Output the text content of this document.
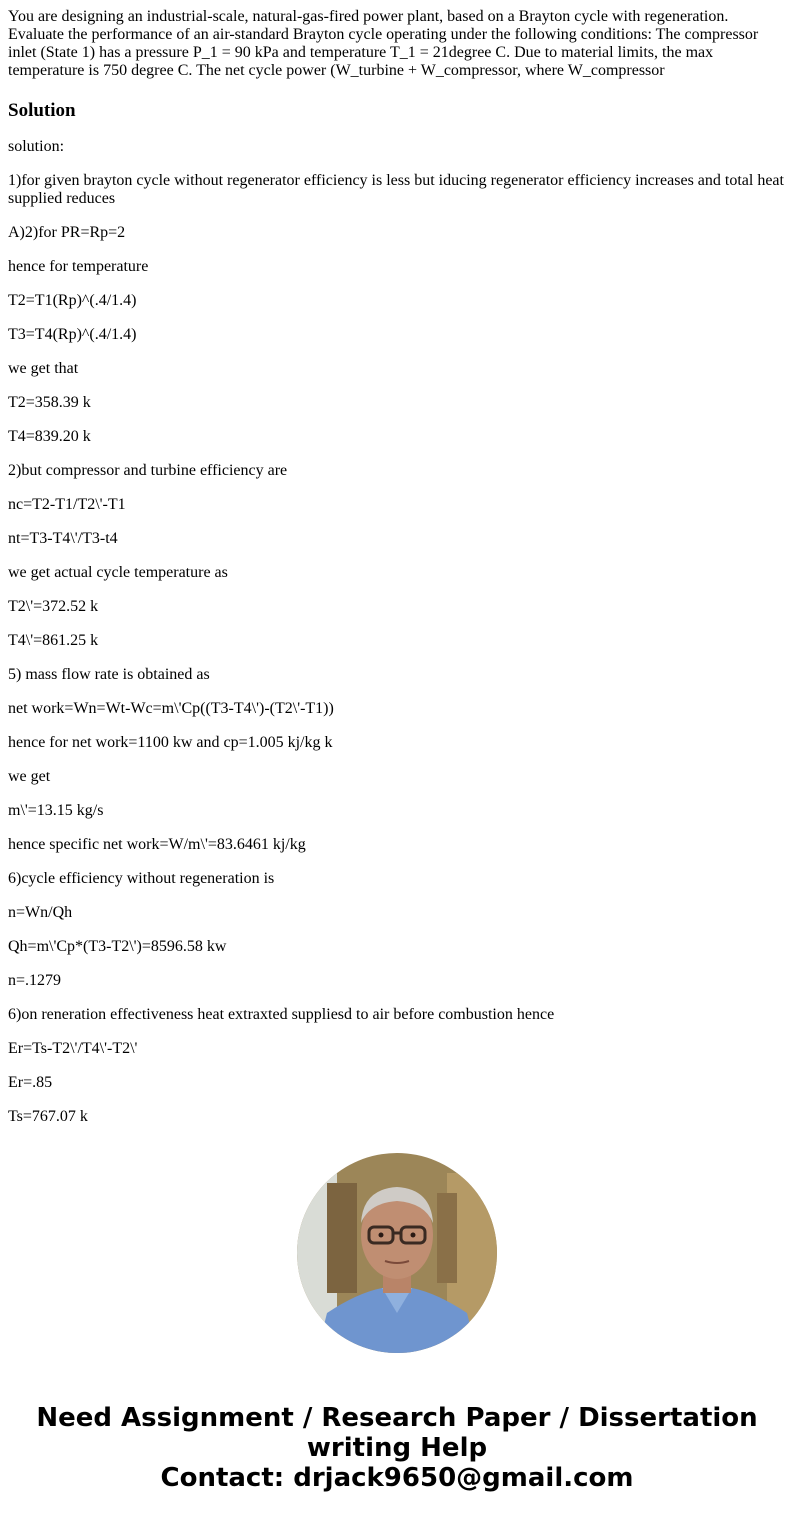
You are designing an industrial-scale, natural-gas-fired power plant, based on a Brayton cycle with regeneration. Evaluate the performance of an air-standard Brayton cycle operating under the following conditions: The compressor inlet (State 1) has a pressure P_1 = 90 kPa and temperature T_1 = 21degree C. Due to material limits, the max temperature is 750 degree C. The net cycle power (W_turbine + W_compressor, where W_compressor

Solution

solution:

1)for given brayton cycle without regenerator efficiency is less but iducing regenerator efficiency increases and total heat supplied reduces

A)2)for PR=Rp=2

hence for temperature

T2=T1(Rp)^(.4/1.4)

T3=T4(Rp)^(.4/1.4)

we get that

T2=358.39 k

T4=839.20 k

2)but compressor and turbine efficiency are

nc=T2-T1/T2\'-T1

nt=T3-T4\'/T3-t4

we get actual cycle temperature as

T2\'=372.52 k

T4\'=861.25 k

5) mass flow rate is obtained as

net work=Wn=Wt-Wc=m\'Cp((T3-T4\')-(T2\'-T1))

hence for net work=1100 kw and cp=1.005 kj/kg k

we get

m\'=13.15 kg/s

hence specific net work=W/m\'=83.6461 kj/kg

6)cycle efficiency without regeneration is

n=Wn/Qh

Qh=m\'Cp*(T3-T2\')=8596.58 kw

n=.1279

6)on reneration effectiveness heat extraxted suppliesd to air before combustion hence

Er=Ts-T2\'/T4\'-T2\'

Er=.85

Ts=767.07 k

Need Assignment / Research Paper / Dissertation
writing Help
Contact: drjack9650@gmail.com
